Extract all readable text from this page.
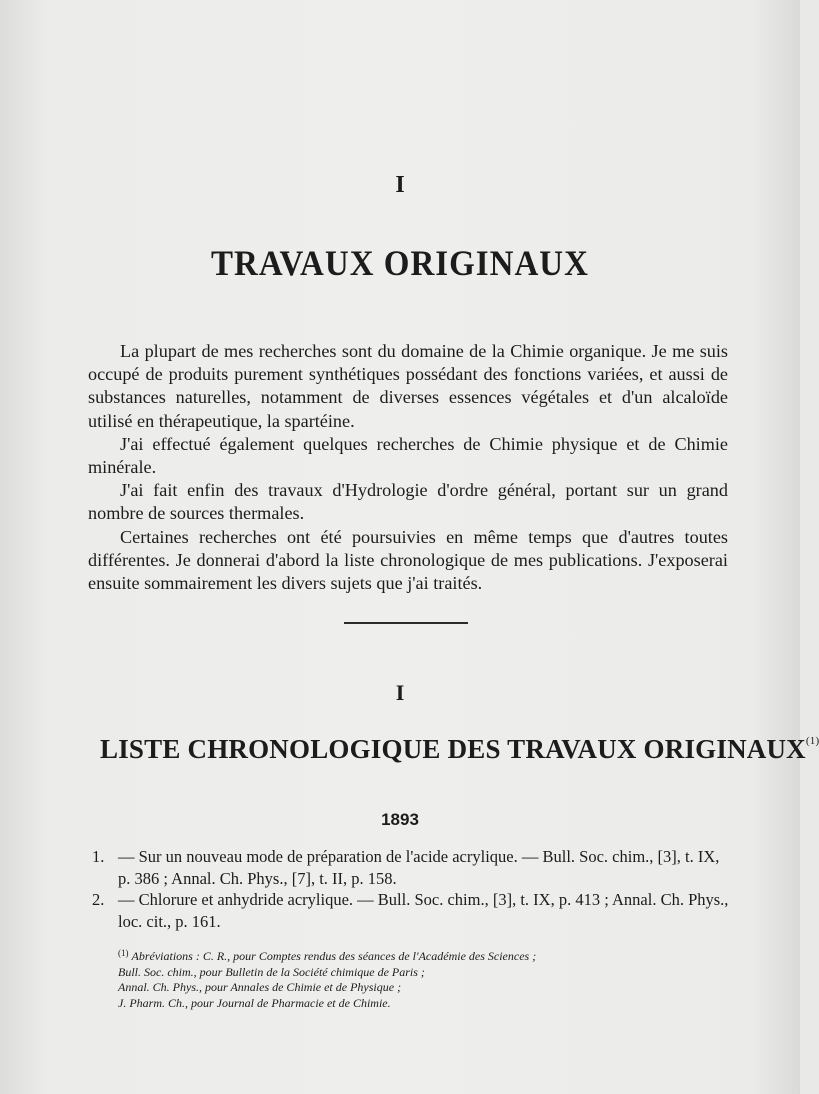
I
TRAVAUX ORIGINAUX

La plupart de mes recherches sont du domaine de la Chimie organique. Je me suis occupé de produits purement synthétiques possédant des fonctions variées, et aussi de substances naturelles, notamment de diverses essences végétales et d'un alcaloïde utilisé en thérapeutique, la spartéine.

J'ai effectué également quelques recherches de Chimie physique et de Chimie minérale.

J'ai fait enfin des travaux d'Hydrologie d'ordre général, portant sur un grand nombre de sources thermales.

Certaines recherches ont été poursuivies en même temps que d'autres toutes différentes. Je donnerai d'abord la liste chronologique de mes publications. J'exposerai ensuite sommairement les divers sujets que j'ai traités.

I
LISTE CHRONOLOGIQUE DES TRAVAUX ORIGINAUX$^{(1)}$
1893

1. — Sur un nouveau mode de préparation de l'acide acrylique. — Bull. Soc. chim., [3], t. IX, p. 386 ; Annal. Ch. Phys., [7], t. II, p. 158.

2. — Chlorure et anhydride acrylique. — Bull. Soc. chim., [3], t. IX, p. 413 ; Annal. Ch. Phys., loc. cit., p. 161.

$^{(1)}$ Abréviations : C. R., pour Comptes rendus des séances de l'Académie des Sciences ;
Bull. Soc. chim., pour Bulletin de la Société chimique de Paris ;
Annal. Ch. Phys., pour Annales de Chimie et de Physique ;
J. Pharm. Ch., pour Journal de Pharmacie et de Chimie.
